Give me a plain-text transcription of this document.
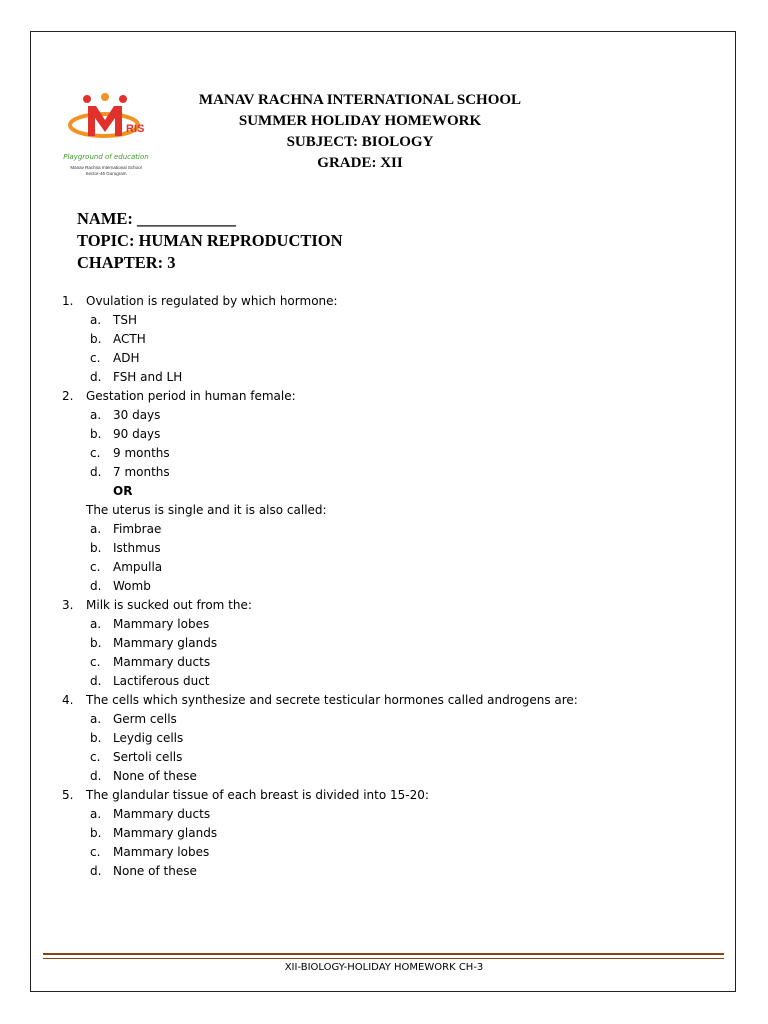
RIS
Playground of education
Manav Rachna International School
Sector-46 Gurugram
MANAV RACHNA INTERNATIONAL SCHOOL
SUMMER HOLIDAY HOMEWORK
SUBJECT: BIOLOGY
GRADE: XII
NAME: ____________
TOPIC: HUMAN REPRODUCTION
CHAPTER: 3
1. Ovulation is regulated by which hormone:
a. TSH
b. ACTH
c. ADH
d. FSH and LH
2. Gestation period in human female:
a. 30 days
b. 90 days
c. 9 months
d. 7 months
OR
The uterus is single and it is also called:
a. Fimbrae
b. Isthmus
c. Ampulla
d. Womb
3. Milk is sucked out from the:
a. Mammary lobes
b. Mammary glands
c. Mammary ducts
d. Lactiferous duct
4. The cells which synthesize and secrete testicular hormones called androgens are:
a. Germ cells
b. Leydig cells
c. Sertoli cells
d. None of these
5. The glandular tissue of each breast is divided into 15-20:
a. Mammary ducts
b. Mammary glands
c. Mammary lobes
d. None of these
XII-BIOLOGY-HOLIDAY HOMEWORK CH-3
